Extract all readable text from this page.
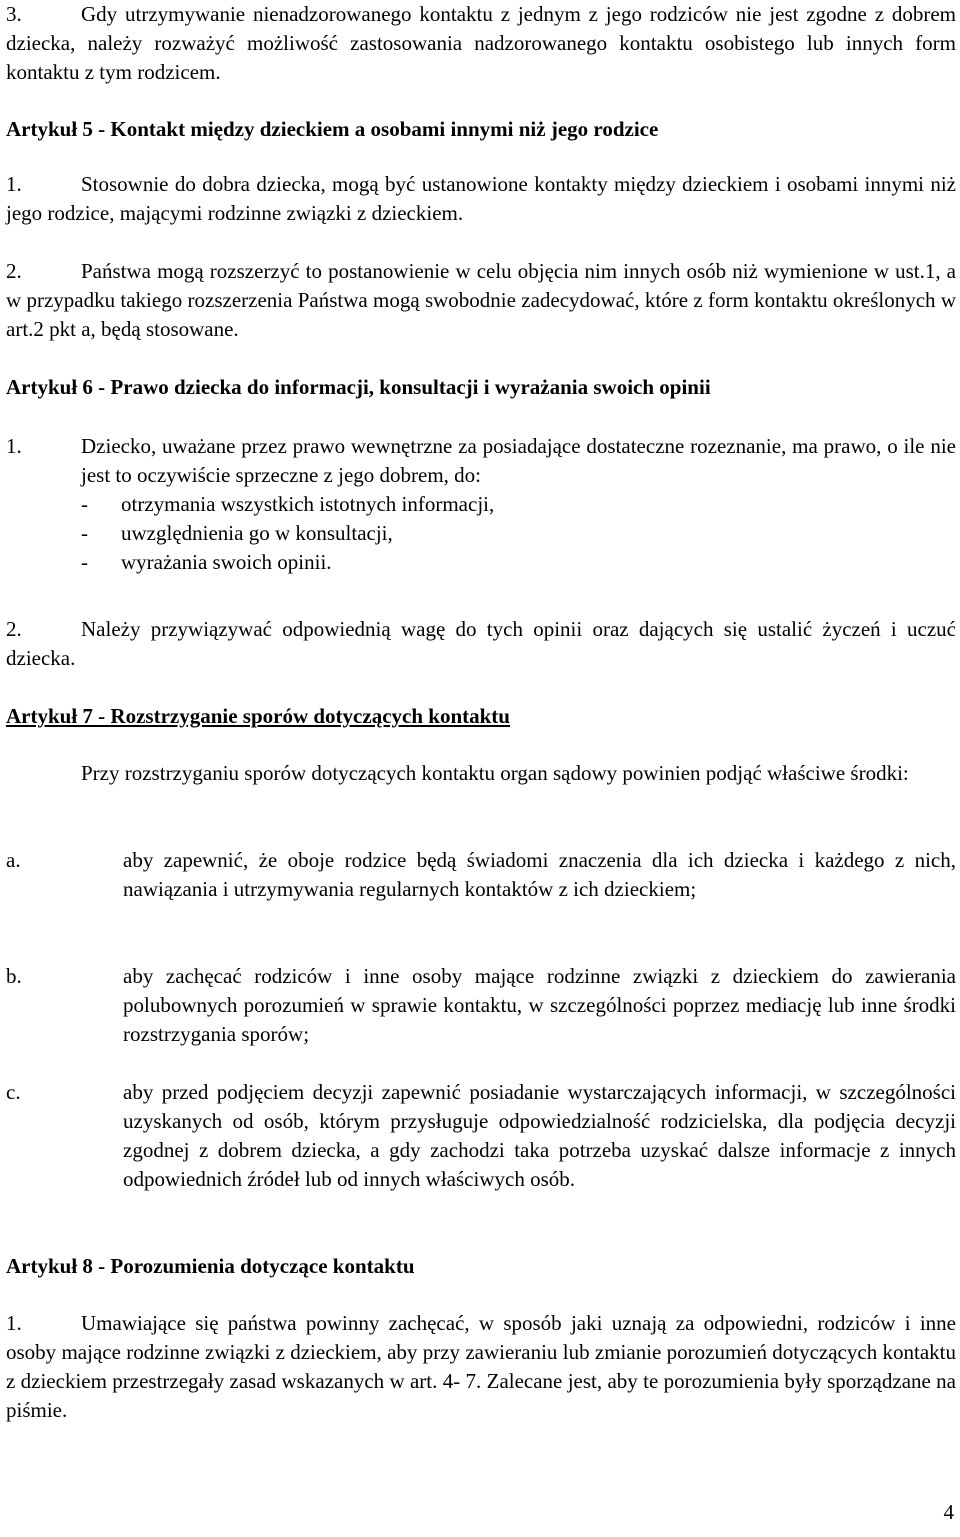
3.	Gdy utrzymywanie nienadzorowanego kontaktu z jednym z jego rodziców nie jest zgodne z dobrem dziecka, należy rozważyć możliwość zastosowania nadzorowanego kontaktu osobistego lub innych form kontaktu z tym rodzicem.

Artykuł 5 - Kontakt między dzieckiem a osobami innymi niż jego rodzice

1.	Stosownie do dobra dziecka, mogą być ustanowione kontakty między dzieckiem i osobami innymi niż jego rodzice, mającymi rodzinne związki z dzieckiem.

2.	Państwa mogą rozszerzyć to postanowienie w celu objęcia nim innych osób niż wymienione w ust.1, a w przypadku takiego rozszerzenia Państwa mogą swobodnie zadecydować, które z form kontaktu określonych w art.2 pkt a, będą stosowane.

Artykuł 6 - Prawo dziecka do informacji, konsultacji i wyrażania swoich opinii
1.	Dziecko, uważane przez prawo wewnętrzne za posiadające dostateczne rozeznanie, ma prawo, o ile nie jest to oczywiście sprzeczne z jego dobrem, do:
-	otrzymania wszystkich istotnych informacji,
-	uwzględnienia go w konsultacji,
-	wyrażania swoich opinii.

2.	Należy przywiązywać odpowiednią wagę do tych opinii oraz dających się ustalić życzeń i uczuć dziecka.

Artykuł 7 - Rozstrzyganie sporów dotyczących kontaktu

Przy rozstrzyganiu sporów dotyczących kontaktu organ sądowy powinien podjąć właściwe środki:

a.	aby zapewnić, że oboje rodzice będą świadomi znaczenia dla ich dziecka i każdego z nich, nawiązania i utrzymywania regularnych kontaktów z ich dzieckiem;
b.	aby zachęcać rodziców i inne osoby mające rodzinne związki z dzieckiem do zawierania polubownych porozumień w sprawie kontaktu, w szczególności poprzez mediację lub inne środki rozstrzygania sporów;
c.	aby przed podjęciem decyzji zapewnić posiadanie wystarczających informacji, w szczególności uzyskanych od osób, którym przysługuje odpowiedzialność rodzicielska, dla podjęcia decyzji zgodnej z dobrem dziecka, a gdy zachodzi taka potrzeba uzyskać dalsze informacje z innych odpowiednich źródeł lub od innych właściwych osób.
Artykuł 8 - Porozumienia dotyczące kontaktu

1.	Umawiające się państwa powinny zachęcać, w sposób jaki uznają za odpowiedni, rodziców i inne osoby mające rodzinne związki z dzieckiem, aby przy zawieraniu lub zmianie porozumień dotyczących kontaktu z dzieckiem przestrzegały zasad wskazanych w art. 4- 7. Zalecane jest, aby te porozumienia były sporządzane na piśmie.

4
